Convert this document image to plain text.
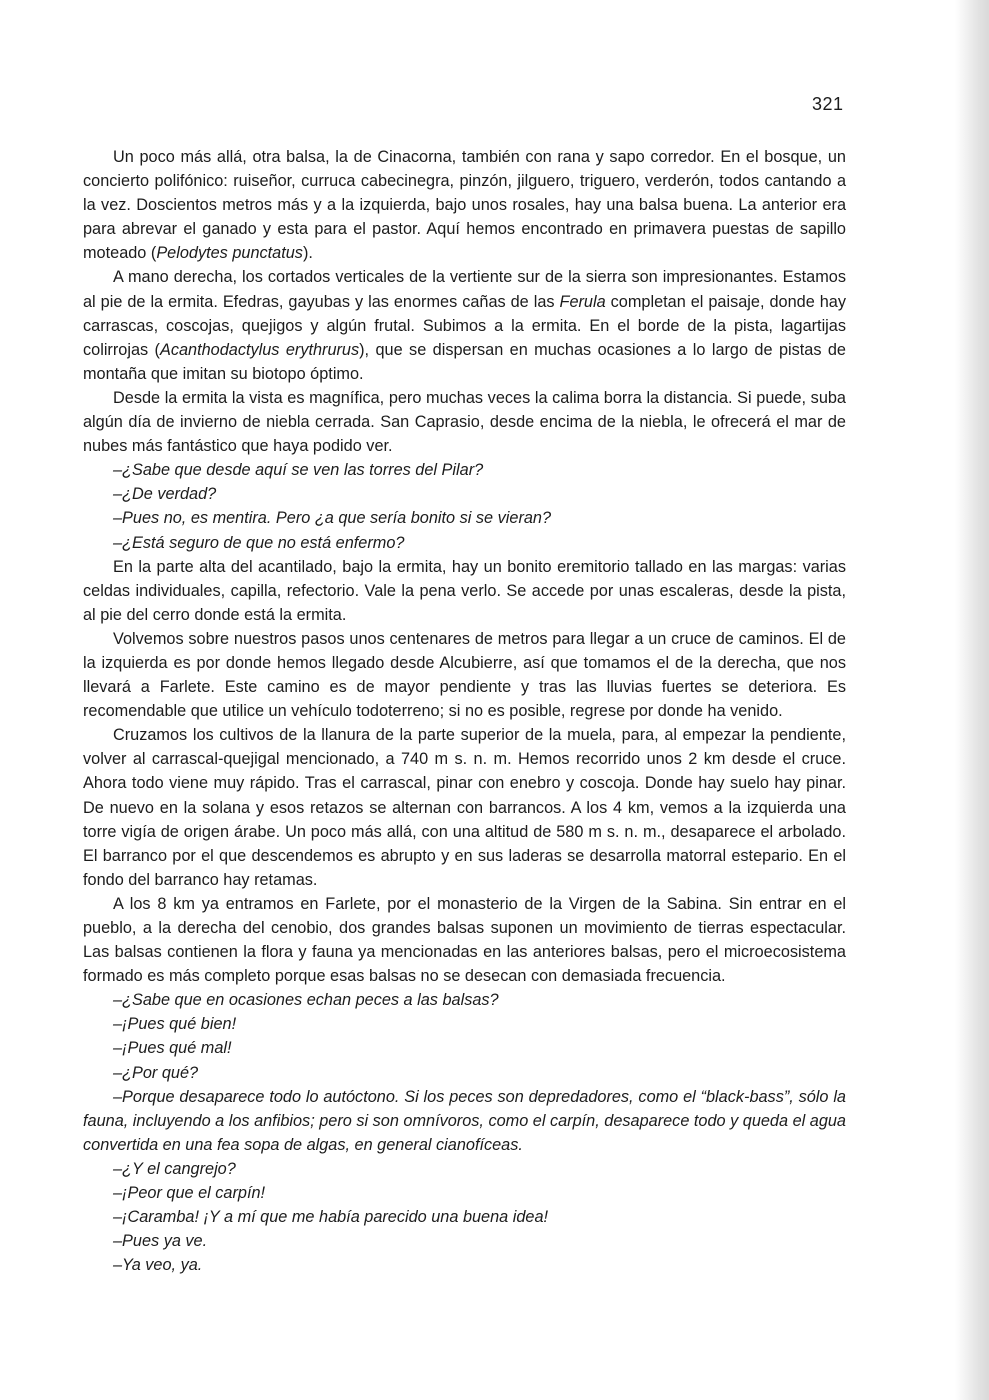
321

Un poco más allá, otra balsa, la de Cinacorna, también con rana y sapo corredor. En el bosque, un concierto polifónico: ruiseñor, curruca cabecinegra, pinzón, jilguero, triguero, verderón, todos cantando a la vez. Doscientos metros más y a la izquierda, bajo unos rosales, hay una balsa buena. La anterior era para abrevar el ganado y esta para el pastor. Aquí hemos encontrado en primavera puestas de sapillo moteado (Pelodytes punctatus).

A mano derecha, los cortados verticales de la vertiente sur de la sierra son impresionantes. Estamos al pie de la ermita. Efedras, gayubas y las enormes cañas de las Ferula completan el paisaje, donde hay carrascas, coscojas, quejigos y algún frutal. Subimos a la ermita. En el borde de la pista, lagartijas colirrojas (Acanthodactylus erythrurus), que se dispersan en muchas ocasiones a lo largo de pistas de montaña que imitan su biotopo óptimo.

Desde la ermita la vista es magnífica, pero muchas veces la calima borra la distancia. Si puede, suba algún día de invierno de niebla cerrada. San Caprasio, desde encima de la niebla, le ofrecerá el mar de nubes más fantástico que haya podido ver.

–¿Sabe que desde aquí se ven las torres del Pilar?

–¿De verdad?

–Pues no, es mentira. Pero ¿a que sería bonito si se vieran?

–¿Está seguro de que no está enfermo?

En la parte alta del acantilado, bajo la ermita, hay un bonito eremitorio tallado en las margas: varias celdas individuales, capilla, refectorio. Vale la pena verlo. Se accede por unas escaleras, desde la pista, al pie del cerro donde está la ermita.

Volvemos sobre nuestros pasos unos centenares de metros para llegar a un cruce de caminos. El de la izquierda es por donde hemos llegado desde Alcubierre, así que tomamos el de la derecha, que nos llevará a Farlete. Este camino es de mayor pendiente y tras las lluvias fuertes se deteriora. Es recomendable que utilice un vehículo todoterreno; si no es posible, regrese por donde ha venido.

Cruzamos los cultivos de la llanura de la parte superior de la muela, para, al empezar la pendiente, volver al carrascal-quejigal mencionado, a 740 m s. n. m. Hemos recorrido unos 2 km desde el cruce. Ahora todo viene muy rápido. Tras el carrascal, pinar con enebro y coscoja. Donde hay suelo hay pinar. De nuevo en la solana y esos retazos se alternan con barrancos. A los 4 km, vemos a la izquierda una torre vigía de origen árabe. Un poco más allá, con una altitud de 580 m s. n. m., desaparece el arbolado. El barranco por el que descendemos es abrupto y en sus laderas se desarrolla matorral estepario. En el fondo del barranco hay retamas.

A los 8 km ya entramos en Farlete, por el monasterio de la Virgen de la Sabina. Sin entrar en el pueblo, a la derecha del cenobio, dos grandes balsas suponen un movimiento de tierras espectacular. Las balsas contienen la flora y fauna ya mencionadas en las anteriores balsas, pero el microecosistema formado es más completo porque esas balsas no se desecan con demasiada frecuencia.

–¿Sabe que en ocasiones echan peces a las balsas?

–¡Pues qué bien!

–¡Pues qué mal!

–¿Por qué?

–Porque desaparece todo lo autóctono. Si los peces son depredadores, como el “black-bass”, sólo la fauna, incluyendo a los anfibios; pero si son omnívoros, como el carpín, desaparece todo y queda el agua convertida en una fea sopa de algas, en general cianofíceas.

–¿Y el cangrejo?

–¡Peor que el carpín!

–¡Caramba! ¡Y a mí que me había parecido una buena idea!

–Pues ya ve.

–Ya veo, ya.
